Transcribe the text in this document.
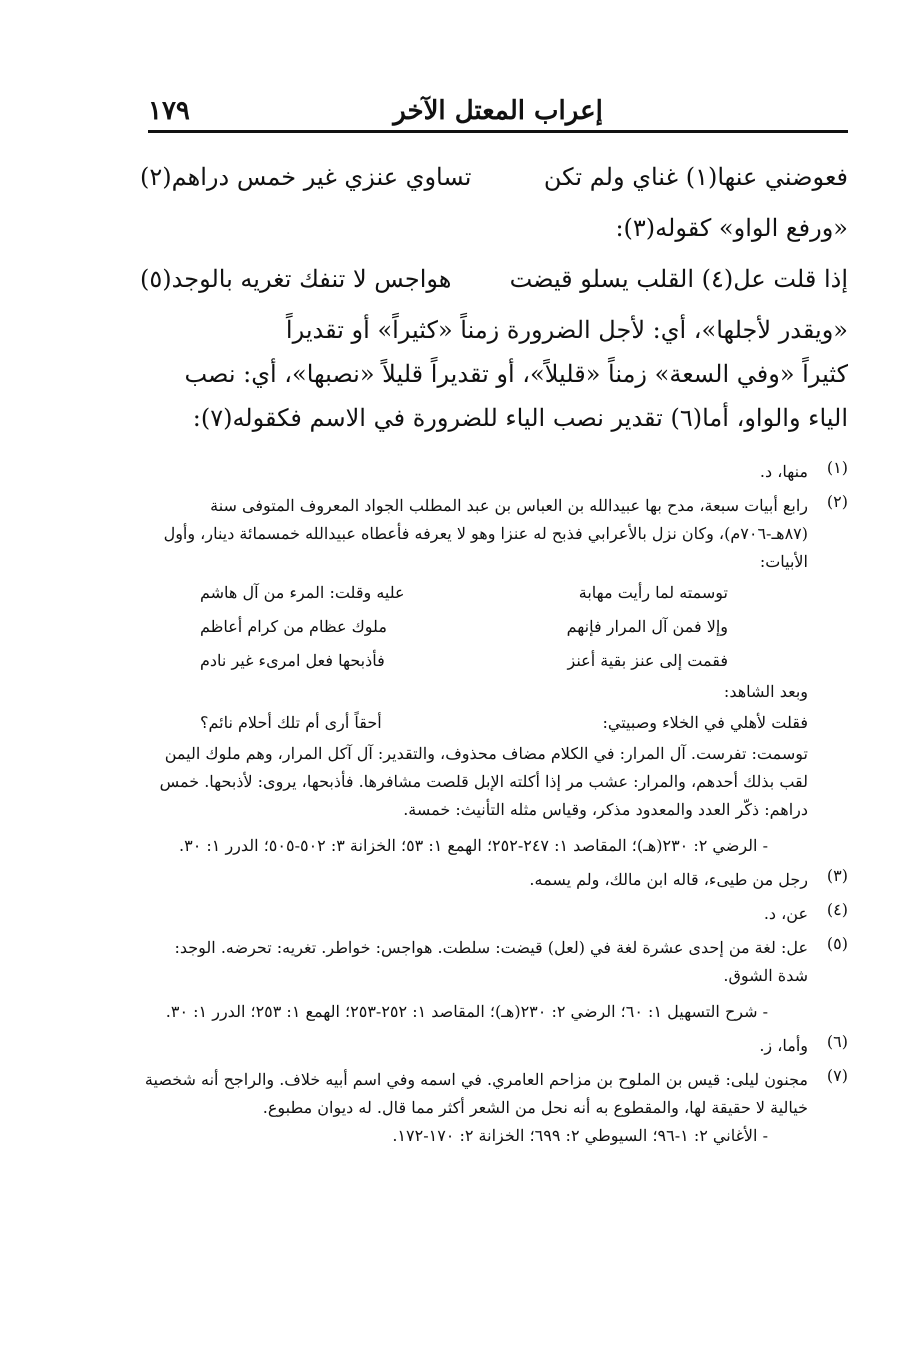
١٧٩	إعراب المعتل الآخر
فعوضني عنها(١) غناي ولم تكن
تساوي عنزي غير خمس دراهم(٢)
«ورفع الواو» كقوله(٣):
إذا قلت عل(٤) القلب يسلو قيضت
هواجس لا تنفك تغريه بالوجد(٥)
«ويقدر لأجلها»، أي: لأجل الضرورة زمناً «كثيراً» أو تقديراً
كثيراً «وفي السعة» زمناً «قليلاً»، أو تقديراً قليلاً «نصبها»، أي: نصب
الياء والواو، أما(٦) تقدير نصب الياء للضرورة في الاسم فكقوله(٧):
(١)
منها، د.
(٢)
رابع أبيات سبعة، مدح بها عبيدالله بن العباس بن عبد المطلب الجواد المعروف المتوفى سنة (٨٧هـ-٧٠٦م)، وكان نزل بالأعرابي فذبح له عنزا وهو لا يعرفه فأعطاه عبيدالله خمسمائة دينار، وأول الأبيات:
توسمته لما رأيت مهابة
عليه وقلت: المرء من آل هاشم
وإلا فمن آل المرار فإنهم
ملوك عظام من كرام أعاظم
فقمت إلى عنز بقية أعنز
فأذبحها فعل امرىء غير نادم
وبعد الشاهد:
فقلت لأهلي في الخلاء وصبيتي:
أحقاً أرى أم تلك أحلام نائم؟
توسمت: تفرست. آل المرار: في الكلام مضاف محذوف، والتقدير: آل آكل المرار، وهم ملوك اليمن لقب بذلك أحدهم، والمرار: عشب مر إذا أكلته الإبل قلصت مشافرها. فأذبحها، يروى: لأذبحها. خمس دراهم: ذكّر العدد والمعدود مذكر، وقياس مثله التأنيث: خمسة.
- الرضي ٢: ٢٣٠(هـ)؛ المقاصد ١: ٢٤٧-٢٥٢؛ الهمع ١: ٥٣؛ الخزانة ٣: ٥٠٢-٥٠٥؛ الدرر ١: ٣٠.
(٣)
رجل من طيىء، قاله ابن مالك، ولم يسمه.
(٤)
عن، د.
(٥)
عل: لغة من إحدى عشرة لغة في (لعل) قيضت: سلطت. هواجس: خواطر. تغريه: تحرضه. الوجد: شدة الشوق.
- شرح التسهيل ١: ٦٠؛ الرضي ٢: ٢٣٠(هـ)؛ المقاصد ١: ٢٥٢-٢٥٣؛ الهمع ١: ٢٥٣؛ الدرر ١: ٣٠.
(٦)
وأما، ز.
(٧)
مجنون ليلى: قيس بن الملوح بن مزاحم العامري. في اسمه وفي اسم أبيه خلاف. والراجح أنه شخصية خيالية لا حقيقة لها، والمقطوع به أنه نحل من الشعر أكثر مما قال. له ديوان مطبوع.
- الأغاني ٢: ١-٩٦؛ السيوطي ٢: ٦٩٩؛ الخزانة ٢: ١٧٠-١٧٢.
